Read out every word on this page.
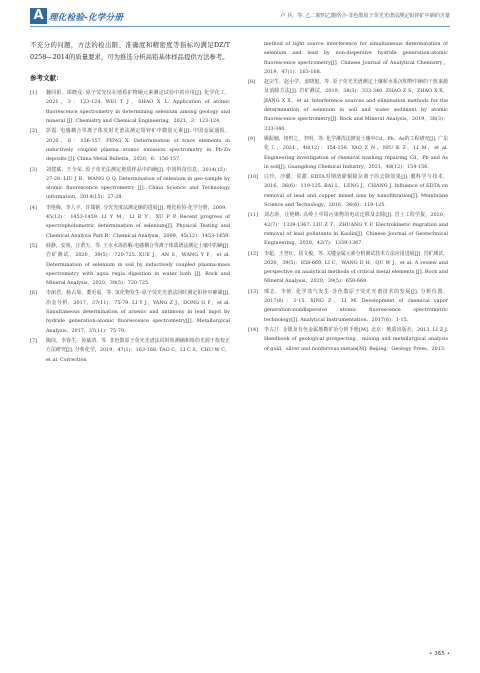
A 理化检验-化学分册	卢 兵，等. 乙二胺四乙酸络合-非色散原子荧光光谱法测定铅锌矿中硒的含量

不充分的问题，方法的检出限、准确度和精密度等指标均满足DZ/T 0258—2014的质量要求，可为推选分析高铅基体样品提供方法参考。

参考文献：
[1]	魏同娟，邵晓戎. 原子荧光仪在地质矿物硒元素测定试验中的应用[J]. 化学化工，2021，3：123-124. WEI T J，SHAO X L. Application of atomic fluorescence spectrometry in determining selenium among geology and mineral [J]. Chemistry and Chemical Engineering，2021，3：123-124.
[2]	彭霞. 电感耦合等离子体发射光谱法测定铅锌矿中微量元素[J]. 中国金属通报，2020，6：156-157. PENG X. Determination of trace elements in inductively coupled plasma atomic emission spectrometry in Pb-Zn deposits [J]. China Metal Bulletin，2020，6：156-157.
[3]	刘建斌，王全荣. 原子荧光法测定地质样品中的硒[J]. 中国科技信息，2014(15)：27-28. LIU J B，WANG Q Q. Determination of selenium in geo-sample by atomic fluorescence spectrometry [J]. China Science and Technology information，2014(15)：27-28.
[4]	李艳梅，李人宇，许瑞铭. 分光光度法测定硒的进展[J]. 理化检验-化学分册，2009，45(12)：1453-1459. LI Y M，LI R Y，XU P P. Recent progress of spectrophotometric determination of selenium[J]. Physical Testing and Chemical Analysis Part B：Chemical Analysis，2009，45(12)：1453-1459.
[5]	薛静，安裕，汪黄天，等. 王水水浴消解-电感耦合等离子体质谱法测定土壤中的硒[J]. 岩矿测试，2020，39(5)：720-725. XUE J，AN S，WANG Y F，et al. Determination of selenium in soil by inductively coupled plasma-mass spectrometry with aqua regia digestion in water bath [J]. Rock and Mineral Analysis，2020，39(5)：720-725.
[6]	李丽君，杨占菊，董更福，等. 氢化物发生-原子荧光光谱法同时测定铅锌中砷锑[J]. 冶金分析，2017，37(11)：75-79. LI Y J，YANG Z J，DONG G F，et al. Simultaneous determination of arsenic and antimony in lead ingot by hydride generation-atomic fluorescence spectrometry[J]. Metallurgical Analysis，2017，37(11)：75-79.
[7]	陶岗，李春生，苑斌清，等. 非色散原子荧光光谱法同时检测硒和铅的光源干扰校正方法研究[J]. 分析化学，2019，47(1)：163-168. TAO C，LI C S，CHU W C，et al. Correction
method of light source interference for simultaneous determination of selenium and lead by non-dispersive hydride generation-atomic fluorescence spectrometry[J]. Chinese Journal of Analytical Chemistry，2019，47(1)：163-168.
[8]	赵宗生，赵小学，姜晓旭，等. 原子荧光光谱测定土壤和水系沉积物中硒的干扰来源及消除方法[J]. 岩矿测试，2019，38(3)：333-340. ZHAO Z S，ZHAO X X，JIANG X X，et al. Interference sources and elimination methods for the determination of selenium in soil and water sediment by atomic fluorescence spectrometry[J]. Rock and Mineral Analysis，2019，38(3)：333-340.
[9]	姚振楠，钮怛之，李明，等. 化学淋洗法修复土壤中Cd、Pb、As的工程研究[J]. 广东化工，2021，48(12)：154-156. YAO Z N，NIU K Z，LI M，et al. Engineering investigation of chemical washing repairing Cd，Pb and As in soil[J]. Guangdong Chemical Industry，2021，48(12)：154-156.
[10]	白玲，冷璐，常甜. EDTA对钢渣除铜除杂离子的去除效果[J]. 膜科学与技术，2016，36(6)：119-125. BAI L，LENG J，CHANG J. Influence of EDTA on removal of lead and copper mixed ions by nanofiltration[J]. Membrane Science and Technology，2016，36(6)：119-125.
[11]	刘志涛，庄艳峰. 高岭土中铅污染物的电动迁移及去除[J]. 岩土工程学报，2020，42(7)：1339-1367. LIU Z T，ZHUANG Y F. Electrokinetic migration and removal of lead pollutants in Kaolin[J]. Chinese Journal of Geotechnical Engineering，2020，42(7)：1339-1367.
[12]	李超，王登红，屈文俊，等. 关键金属元素分析测试技术方法应用进展[J]. 岩矿测试，2020，39(5)：658-669. LI C，WANG D H，QU W J，et al. A review and perspective on analytical methods of critical metal elements [J]. Rock and Mineral Analysis，2020，39(5)：658-669.
[13]	邢志，李艳. 化学蒸气发生-非色散原子荧光光谱技术的发展[J]. 分析仪器，2017(6)：1-15. XING Z，LI M. Development of chemical vapor generation-nondispersive atomic fluorescence spectrometric technology[J]. Analytical Instrumentation，2017(6)：1-15.
[14]	李占江. 金银及有色金属地勘矿冶分析手册[M]. 北京：地质出版社，2013. LI Z J. Handbook of geological prospecting，mining and metallurgical analysis of gold，silver and nonferrous metals[M]. Beijing：Geology Press，2013.
• 365 •
